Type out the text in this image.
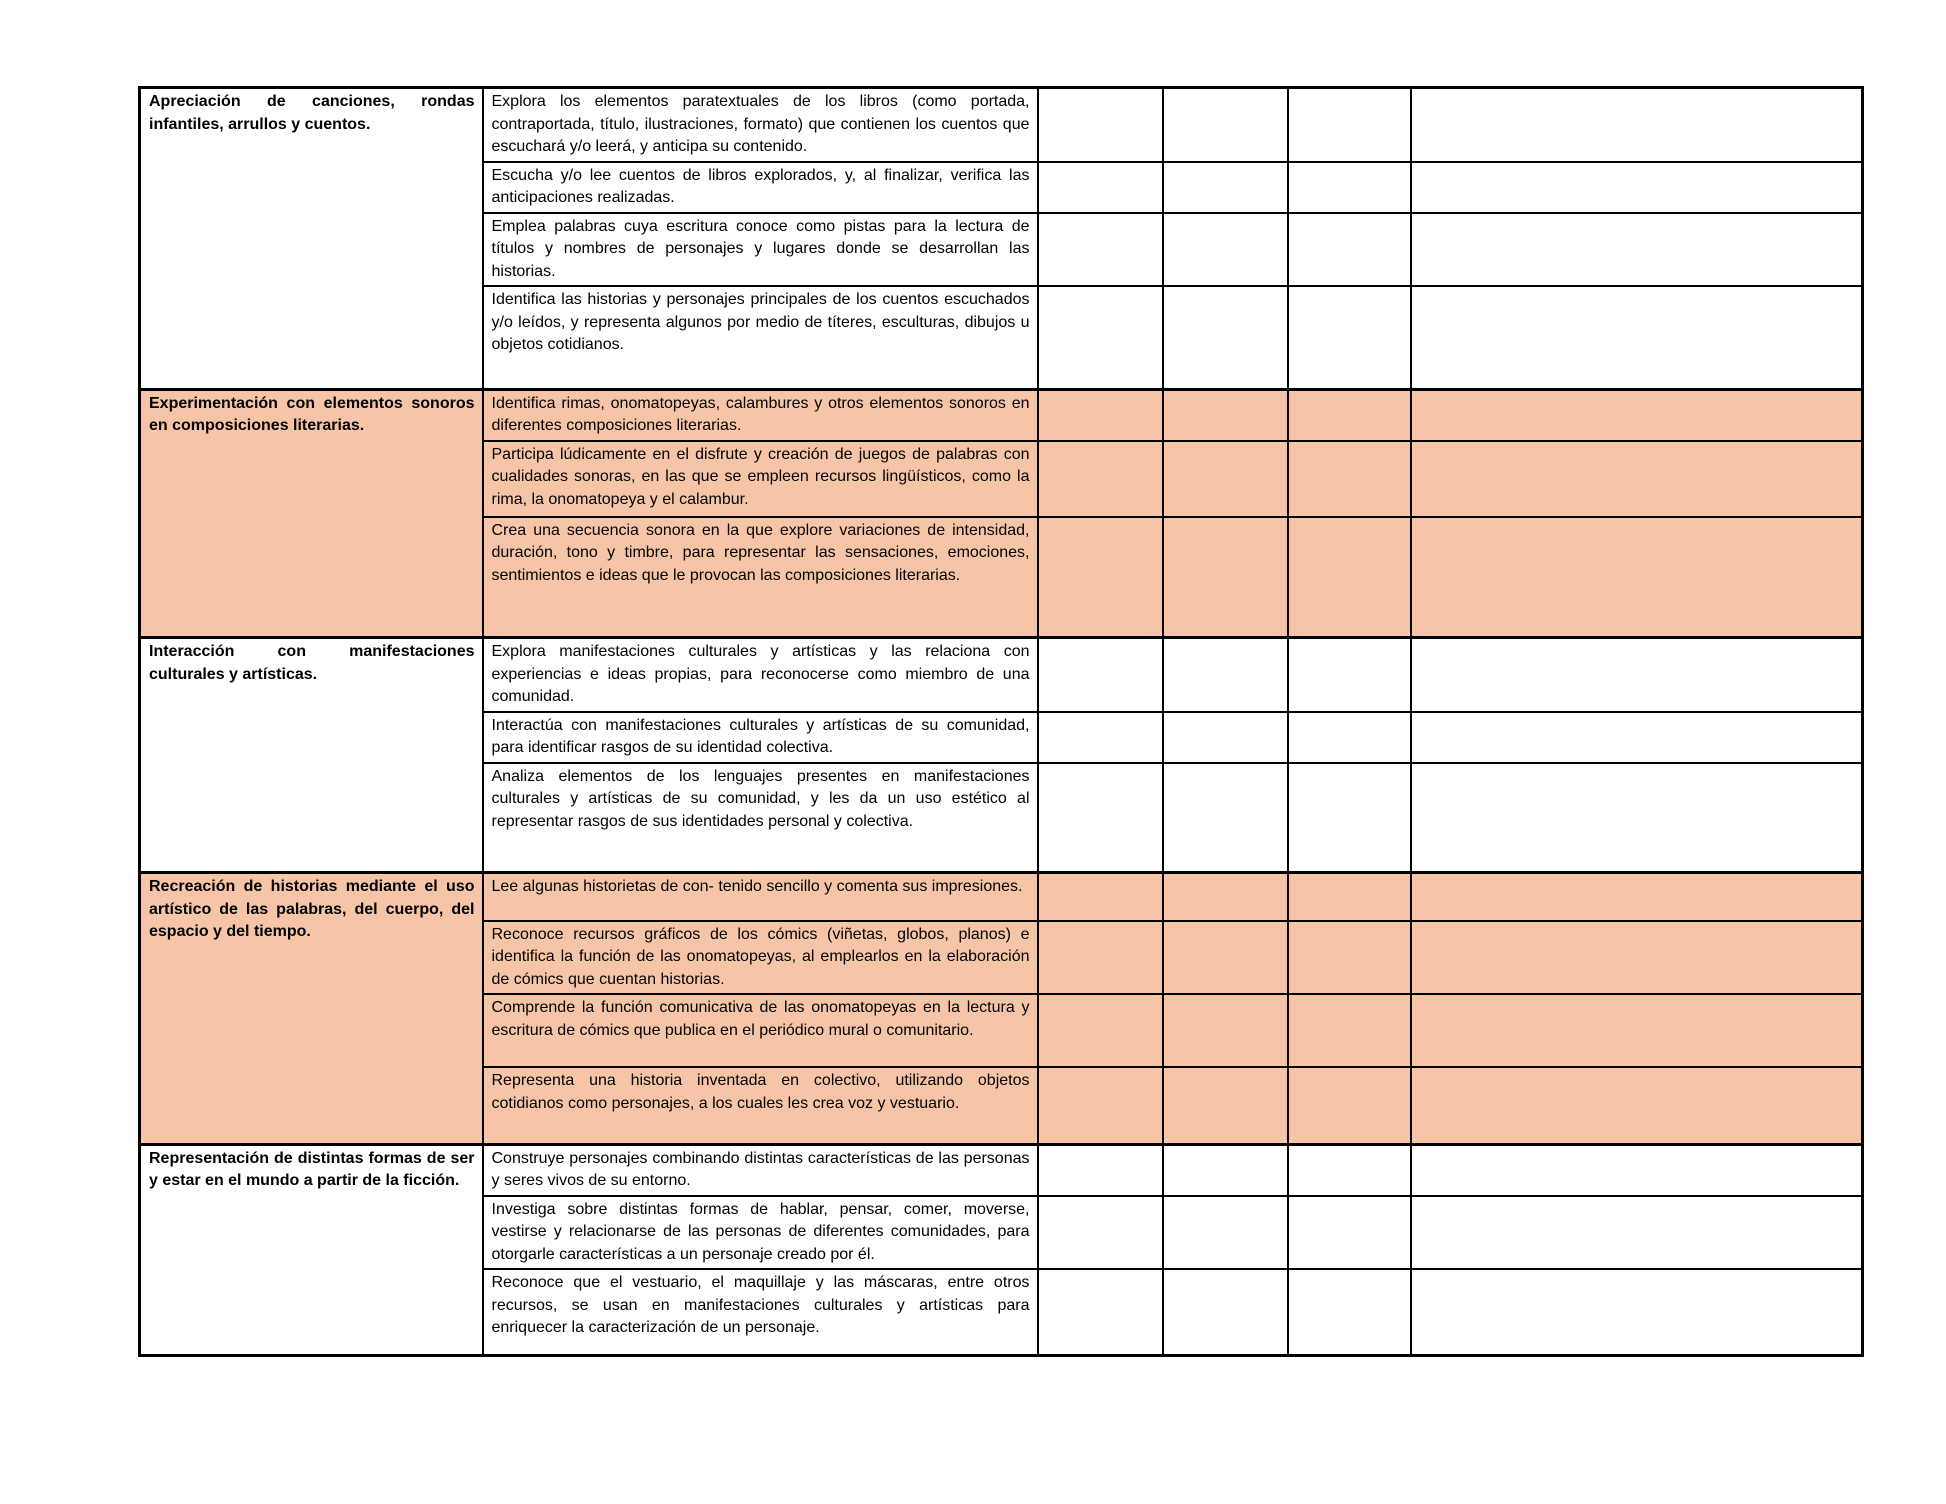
Apreciación de canciones, rondas infantiles, arrullos y cuentos.	Explora los elementos paratextuales de los libros (como portada, contraportada, título, ilustraciones, formato) que contienen los cuentos que escuchará y/o leerá, y anticipa su contenido.				
	Escucha y/o lee cuentos de libros explorados, y, al finalizar, verifica las anticipaciones realizadas.				
	Emplea palabras cuya escritura conoce como pistas para la lectura de títulos y nombres de personajes y lugares donde se desarrollan las historias.				
	Identifica las historias y personajes principales de los cuentos escuchados y/o leídos, y representa algunos por medio de títeres, esculturas, dibujos u objetos cotidianos.				
Experimentación con elementos sonoros en composiciones literarias.	Identifica rimas, onomatopeyas, calambures y otros elementos sonoros en diferentes composiciones literarias.				
	Participa lúdicamente en el disfrute y creación de juegos de palabras con cualidades sonoras, en las que se empleen recursos lingüísticos, como la rima, la onomatopeya y el calambur.				
	Crea una secuencia sonora en la que explore variaciones de intensidad, duración, tono y timbre, para representar las sensaciones, emociones, sentimientos e ideas que le provocan las composiciones literarias.				
Interacción con manifestaciones culturales y artísticas.	Explora manifestaciones culturales y artísticas y las relaciona con experiencias e ideas propias, para reconocerse como miembro de una comunidad.				
	Interactúa con manifestaciones culturales y artísticas de su comunidad, para identificar rasgos de su identidad colectiva.				
	Analiza elementos de los lenguajes presentes en manifestaciones culturales y artísticas de su comunidad, y les da un uso estético al representar rasgos de sus identidades personal y colectiva.				
Recreación de historias mediante el uso artístico de las palabras, del cuerpo, del espacio y del tiempo.	Lee algunas historietas de con- tenido sencillo y comenta sus impresiones.				
	Reconoce recursos gráficos de los cómics (viñetas, globos, planos) e identifica la función de las onomatopeyas, al emplearlos en la elaboración de cómics que cuentan historias.				
	Comprende la función comunicativa de las onomatopeyas en la lectura y escritura de cómics que publica en el periódico mural o comunitario.				
	Representa una historia inventada en colectivo, utilizando objetos cotidianos como personajes, a los cuales les crea voz y vestuario.				
Representación de distintas formas de ser y estar en el mundo a partir de la ficción.	Construye personajes combinando distintas características de las personas y seres vivos de su entorno.				
	Investiga sobre distintas formas de hablar, pensar, comer, moverse, vestirse y relacionarse de las personas de diferentes comunidades, para otorgarle características a un personaje creado por él.				
	Reconoce que el vestuario, el maquillaje y las máscaras, entre otros recursos, se usan en manifestaciones culturales y artísticas para enriquecer la caracterización de un personaje.				
